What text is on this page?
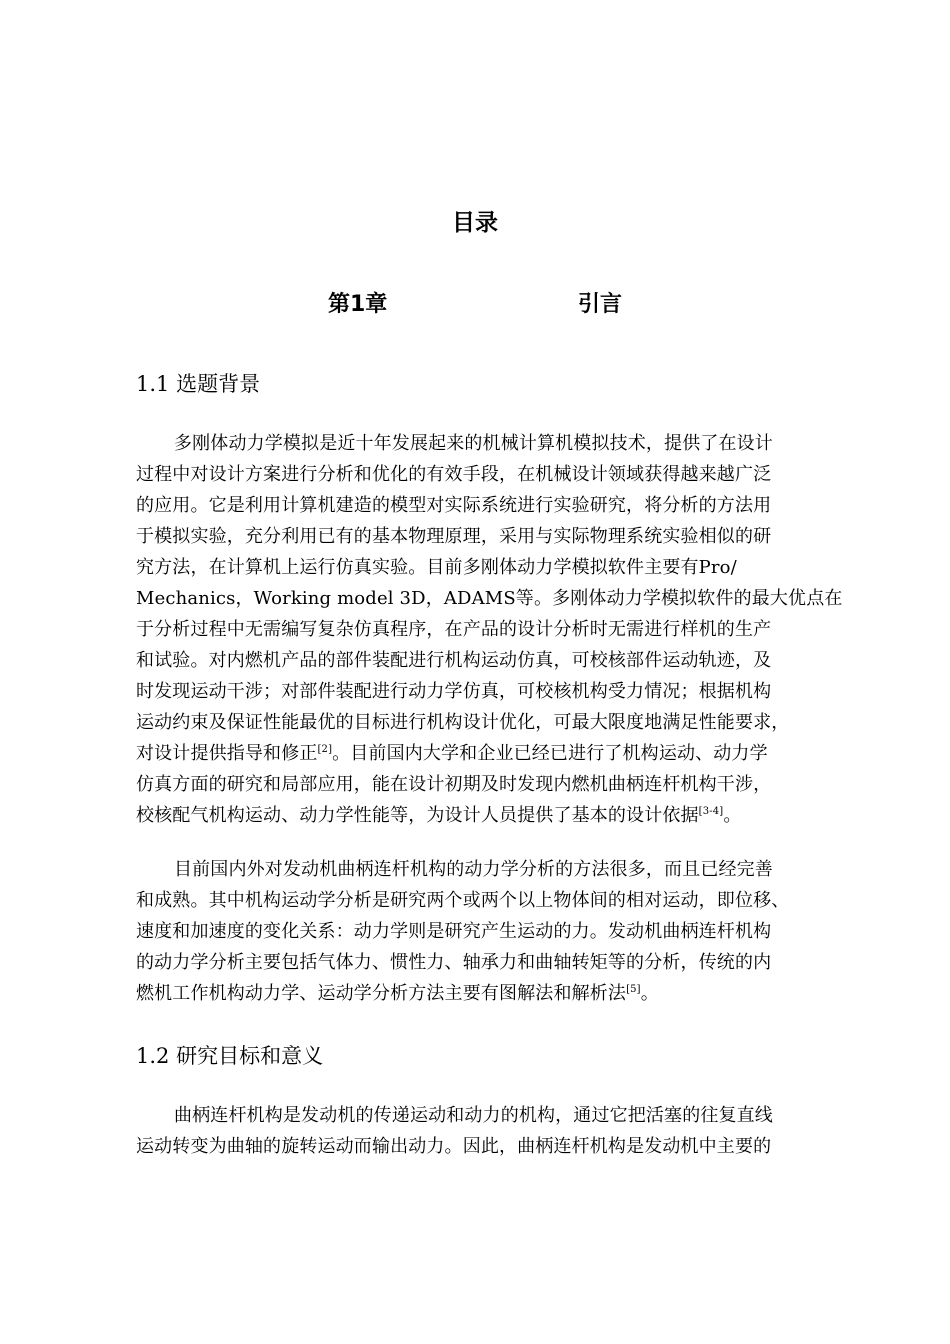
目录
第1章	引言
1.1 选题背景
多刚体动力学模拟是近十年发展起来的机械计算机模拟技术，提供了在设计
过程中对设计方案进行分析和优化的有效手段，在机械设计领域获得越来越广泛
的应用。它是利用计算机建造的模型对实际系统进行实验研究，将分析的方法用
于模拟实验，充分利用已有的基本物理原理，采用与实际物理系统实验相似的研
究方法，在计算机上运行仿真实验。目前多刚体动力学模拟软件主要有Pro/
Mechanics，Working model 3D，ADAMS等。多刚体动力学模拟软件的最大优点在
于分析过程中无需编写复杂仿真程序，在产品的设计分析时无需进行样机的生产
和试验。对内燃机产品的部件装配进行机构运动仿真，可校核部件运动轨迹，及
时发现运动干涉；对部件装配进行动力学仿真，可校核机构受力情况；根据机构
运动约束及保证性能最优的目标进行机构设计优化，可最大限度地满足性能要求，
对设计提供指导和修正[2]。目前国内大学和企业已经已进行了机构运动、动力学
仿真方面的研究和局部应用，能在设计初期及时发现内燃机曲柄连杆机构干涉，
校核配气机构运动、动力学性能等，为设计人员提供了基本的设计依据[3-4]。
目前国内外对发动机曲柄连杆机构的动力学分析的方法很多，而且已经完善
和成熟。其中机构运动学分析是研究两个或两个以上物体间的相对运动，即位移、
速度和加速度的变化关系：动力学则是研究产生运动的力。发动机曲柄连杆机构
的动力学分析主要包括气体力、惯性力、轴承力和曲轴转矩等的分析，传统的内
燃机工作机构动力学、运动学分析方法主要有图解法和解析法[5]。
1.2 研究目标和意义
曲柄连杆机构是发动机的传递运动和动力的机构，通过它把活塞的往复直线
运动转变为曲轴的旋转运动而输出动力。因此，曲柄连杆机构是发动机中主要的
